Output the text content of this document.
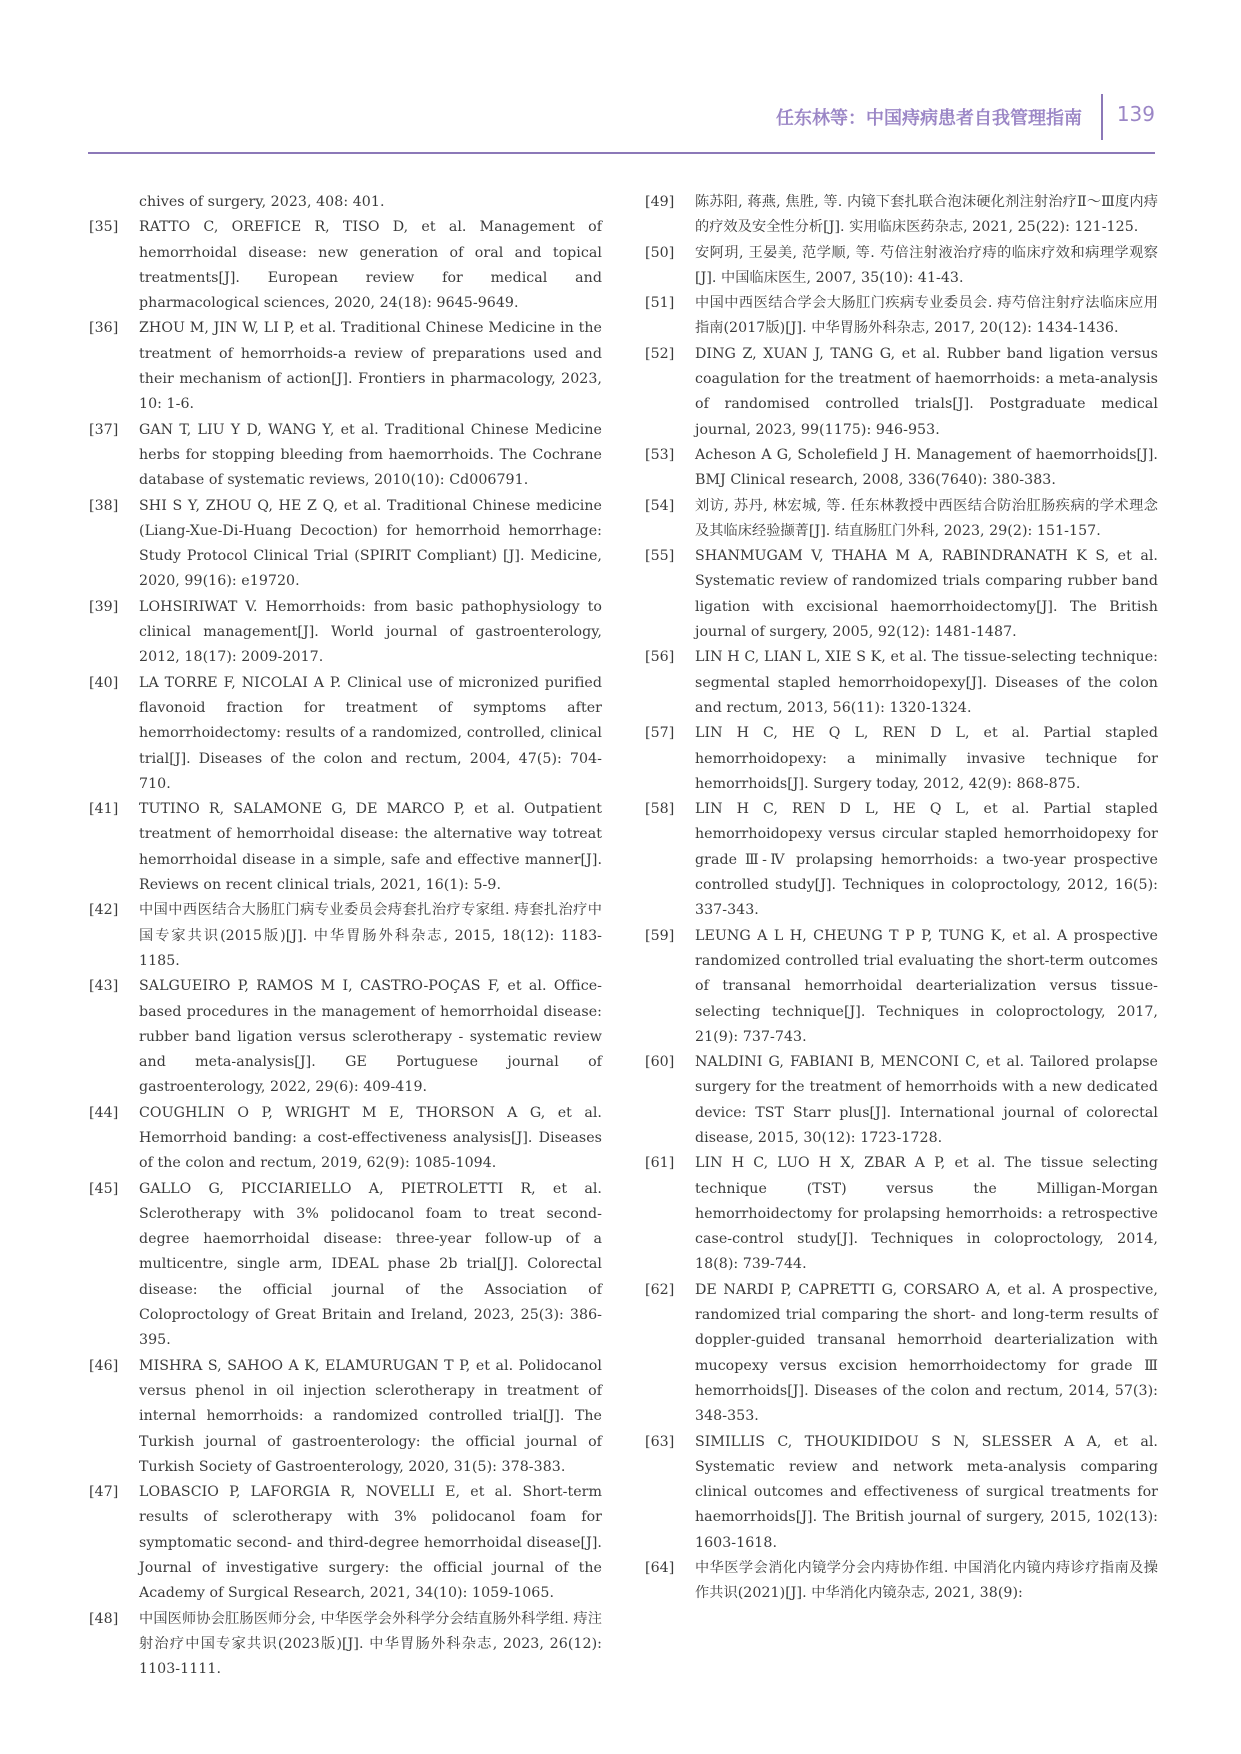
任东林等：中国痔病患者自我管理指南 139
chives of surgery, 2023, 408: 401.
[35] RATTO C, OREFICE R, TISO D, et al. Management of hemorrhoidal disease: new generation of oral and topical treatments[J]. European review for medical and pharmacological sciences, 2020, 24(18): 9645-9649.
[36] ZHOU M, JIN W, LI P, et al. Traditional Chinese Medicine in the treatment of hemorrhoids-a review of preparations used and their mechanism of action[J]. Frontiers in pharmacology, 2023, 10: 1-6.
[37] GAN T, LIU Y D, WANG Y, et al. Traditional Chinese Medicine herbs for stopping bleeding from haemorrhoids. The Cochrane database of systematic reviews, 2010(10): Cd006791.
[38] SHI S Y, ZHOU Q, HE Z Q, et al. Traditional Chinese medicine (Liang-Xue-Di-Huang Decoction) for hemorrhoid hemorrhage: Study Protocol Clinical Trial (SPIRIT Compliant) [J]. Medicine, 2020, 99(16): e19720.
[39] LOHSIRIWAT V. Hemorrhoids: from basic pathophysiology to clinical management[J]. World journal of gastroenterology, 2012, 18(17): 2009-2017.
[40] LA TORRE F, NICOLAI A P. Clinical use of micronized purified flavonoid fraction for treatment of symptoms after hemorrhoidectomy: results of a randomized, controlled, clinical trial[J]. Diseases of the colon and rectum, 2004, 47(5): 704-710.
[41] TUTINO R, SALAMONE G, DE MARCO P, et al. Outpatient treatment of hemorrhoidal disease: the alternative way totreat hemorrhoidal disease in a simple, safe and effective manner[J]. Reviews on recent clinical trials, 2021, 16(1): 5-9.
[42] 中国中西医结合大肠肛门病专业委员会痔套扎治疗专家组. 痔套扎治疗中国专家共识(2015版)[J]. 中华胃肠外科杂志, 2015, 18(12): 1183-1185.
[43] SALGUEIRO P, RAMOS M I, CASTRO-POÇAS F, et al. Office-based procedures in the management of hemorrhoidal disease: rubber band ligation versus sclerotherapy - systematic review and meta-analysis[J]. GE Portuguese journal of gastroenterology, 2022, 29(6): 409-419.
[44] COUGHLIN O P, WRIGHT M E, THORSON A G, et al. Hemorrhoid banding: a cost-effectiveness analysis[J]. Diseases of the colon and rectum, 2019, 62(9): 1085-1094.
[45] GALLO G, PICCIARIELLO A, PIETROLETTI R, et al. Sclerotherapy with 3% polidocanol foam to treat second-degree haemorrhoidal disease: three-year follow-up of a multicentre, single arm, IDEAL phase 2b trial[J]. Colorectal disease: the official journal of the Association of Coloproctology of Great Britain and Ireland, 2023, 25(3): 386-395.
[46] MISHRA S, SAHOO A K, ELAMURUGAN T P, et al. Polidocanol versus phenol in oil injection sclerotherapy in treatment of internal hemorrhoids: a randomized controlled trial[J]. The Turkish journal of gastroenterology: the official journal of Turkish Society of Gastroenterology, 2020, 31(5): 378-383.
[47] LOBASCIO P, LAFORGIA R, NOVELLI E, et al. Short-term results of sclerotherapy with 3% polidocanol foam for symptomatic second- and third-degree hemorrhoidal disease[J]. Journal of investigative surgery: the official journal of the Academy of Surgical Research, 2021, 34(10): 1059-1065.
[48] 中国医师协会肛肠医师分会, 中华医学会外科学分会结直肠外科学组. 痔注射治疗中国专家共识(2023版)[J]. 中华胃肠外科杂志, 2023, 26(12): 1103-1111.
[49] 陈苏阳, 蒋燕, 焦胜, 等. 内镜下套扎联合泡沫硬化剂注射治疗Ⅱ～Ⅲ度内痔的疗效及安全性分析[J]. 实用临床医药杂志, 2021, 25(22): 121-125.
[50] 安阿玥, 王晏美, 范学顺, 等. 芍倍注射液治疗痔的临床疗效和病理学观察[J]. 中国临床医生, 2007, 35(10): 41-43.
[51] 中国中西医结合学会大肠肛门疾病专业委员会. 痔芍倍注射疗法临床应用指南(2017版)[J]. 中华胃肠外科杂志, 2017, 20(12): 1434-1436.
[52] DING Z, XUAN J, TANG G, et al. Rubber band ligation versus coagulation for the treatment of haemorrhoids: a meta-analysis of randomised controlled trials[J]. Postgraduate medical journal, 2023, 99(1175): 946-953.
[53] Acheson A G, Scholefield J H. Management of haemorrhoids[J]. BMJ Clinical research, 2008, 336(7640): 380-383.
[54] 刘访, 苏丹, 林宏城, 等. 任东林教授中西医结合防治肛肠疾病的学术理念及其临床经验撷菁[J]. 结直肠肛门外科, 2023, 29(2): 151-157.
[55] SHANMUGAM V, THAHA M A, RABINDRANATH K S, et al. Systematic review of randomized trials comparing rubber band ligation with excisional haemorrhoidectomy[J]. The British journal of surgery, 2005, 92(12): 1481-1487.
[56] LIN H C, LIAN L, XIE S K, et al. The tissue-selecting technique: segmental stapled hemorrhoidopexy[J]. Diseases of the colon and rectum, 2013, 56(11): 1320-1324.
[57] LIN H C, HE Q L, REN D L, et al. Partial stapled hemorrhoidopexy: a minimally invasive technique for hemorrhoids[J]. Surgery today, 2012, 42(9): 868-875.
[58] LIN H C, REN D L, HE Q L, et al. Partial stapled hemorrhoidopexy versus circular stapled hemorrhoidopexy for grade Ⅲ-Ⅳ prolapsing hemorrhoids: a two-year prospective controlled study[J]. Techniques in coloproctology, 2012, 16(5): 337-343.
[59] LEUNG A L H, CHEUNG T P P, TUNG K, et al. A prospective randomized controlled trial evaluating the short-term outcomes of transanal hemorrhoidal dearterialization versus tissue-selecting technique[J]. Techniques in coloproctology, 2017, 21(9): 737-743.
[60] NALDINI G, FABIANI B, MENCONI C, et al. Tailored prolapse surgery for the treatment of hemorrhoids with a new dedicated device: TST Starr plus[J]. International journal of colorectal disease, 2015, 30(12): 1723-1728.
[61] LIN H C, LUO H X, ZBAR A P, et al. The tissue selecting technique (TST) versus the Milligan-Morgan hemorrhoidectomy for prolapsing hemorrhoids: a retrospective case-control study[J]. Techniques in coloproctology, 2014, 18(8): 739-744.
[62] DE NARDI P, CAPRETTI G, CORSARO A, et al. A prospective, randomized trial comparing the short- and long-term results of doppler-guided transanal hemorrhoid dearterialization with mucopexy versus excision hemorrhoidectomy for grade Ⅲ hemorrhoids[J]. Diseases of the colon and rectum, 2014, 57(3): 348-353.
[63] SIMILLIS C, THOUKIDIDOU S N, SLESSER A A, et al. Systematic review and network meta-analysis comparing clinical outcomes and effectiveness of surgical treatments for haemorrhoids[J]. The British journal of surgery, 2015, 102(13): 1603-1618.
[64] 中华医学会消化内镜学分会内痔协作组. 中国消化内镜内痔诊疗指南及操作共识(2021)[J]. 中华消化内镜杂志, 2021, 38(9):
